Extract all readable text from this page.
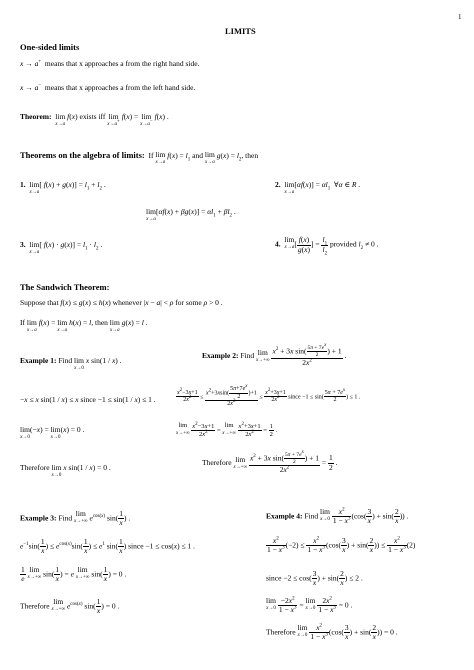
1
LIMITS
One-sided limits
x → a+ means that x approaches a from the right hand side.
x → a− means that x approaches a from the left hand side.
Theorem: lim
x→a
f(x) exists iff lim
x→a+
f(x) = lim
x→a−
f(x) .
Theorems on the algebra of limits: If lim
x→a
$f(x) = l_1$ and lim
x→a
$g(x) = l_2$, then
1. lim
x→a
[ $f(x) + g(x)] = l_1 + l_2$ .	2. lim
x→a
$[\alpha f(x)] = \alpha l_1$  ∀α ∈ R .
lim
x→a
$[\alpha f(x) + \beta g(x)] = \alpha l_1 + \beta l_2$ .
3. lim
x→a
[ $f(x) \cdot g(x)] = l_1 \cdot l_2$ .	4.  lim
x→a [ $\frac{f(x)}{g(x)}$ ] = $\frac{l_1}{l_2}$ provided $l_2 \ne 0$ .
The Sandwich Theorem:
Suppose that f(x) ≤ g(x) ≤ h(x) whenever |x − a| < ρ for some ρ > 0 .
If lim
x→a
f(x) = lim
x→a
h(x) = l, then lim
x→a
g(x) = l .
Example 1: Find lim
x→0
x sin(1 / x) .
−x ≤ x sin(1 / x) ≤ x since −1 ≤ sin(1 / x) ≤ 1 .
lim
x→0
(−x) = lim
x→0
(x) = 0 .
Therefore lim
x→0
x sin(1 / x) = 0 .
Example 2: Find lim
x→+∞
$\frac{x^2 + 3x \sin( \frac{5\pi + 7e^x}{2} ) + 1}{2x^2}$ .
$\frac{x^2-3x+1}{2x^2} \le \frac{x^2+3xsin( \frac{5\pi+7e^x}{2} )+1}{2x^2} \le \frac{x^2+3x+1}{2x^2}$ since $-1 \le \sin( \frac{5\pi + 7e^x}{2}$ ) ≤ 1 .
lim
x→+∞
$\frac{x^2-3x+1}{2x^2} = \lim$
x→+∞
$\frac{x^2+3x+1}{2x^2} = \frac{1}{2}$ .
Therefore lim
x→+∞
$\frac{x^2 + 3x \sin( \frac{5\pi + 7e^x}{2} ) + 1}{2x^2} = \frac{1}{2}$ .
Example 3: Find lim
x→+∞ $e^{cos(x)}$ $\sin( \frac{1}{x}$ ) .
$e^{-1}\sin( \frac{1}{x}$ ) ≤ $e^{cos(x)}\sin( \frac{1}{x}$ ) ≤ $e^1$ $\sin( \frac{1}{x}$ ) since −1 ≤ cos(x) ≤ 1 .
$\frac{1}{e}$ lim
x→+∞ $\sin( \frac{1}{x}$ ) = e lim
x→+∞ $\sin( \frac{1}{x}$ ) = 0 .
Therefore lim
x→+∞ $e^{cos(x)}$ $\sin( \frac{1}{x}$ ) = 0 .
Example 4: Find lim
x→0
$\frac{x^2}{1 - x^3} (\cos( \frac{3}{x}$ ) + $\sin( \frac{2}{x}$ )) .
$\frac{x^2}{1 - x^3} (-2) \le \frac{x^2}{1 - x^3} (\cos( \frac{3}{x}$ ) + $\sin( \frac{2}{x}$ )) ≤ $\frac{x^2}{1 - x^3} (2)$
since $-2 \le \cos( \frac{3}{x}$ ) + $\sin( \frac{2}{x}$ ) ≤ 2 .
lim
x→0
$\frac{-2x^2}{1 - x^3} = \lim$
x→0
$\frac{2x^2}{1 - x^3} = 0$ .
Therefore lim
x→0
$\frac{x^2}{1 - x^3} (\cos( \frac{3}{x}$ ) + $\sin( \frac{2}{x}$ )) = 0 .
